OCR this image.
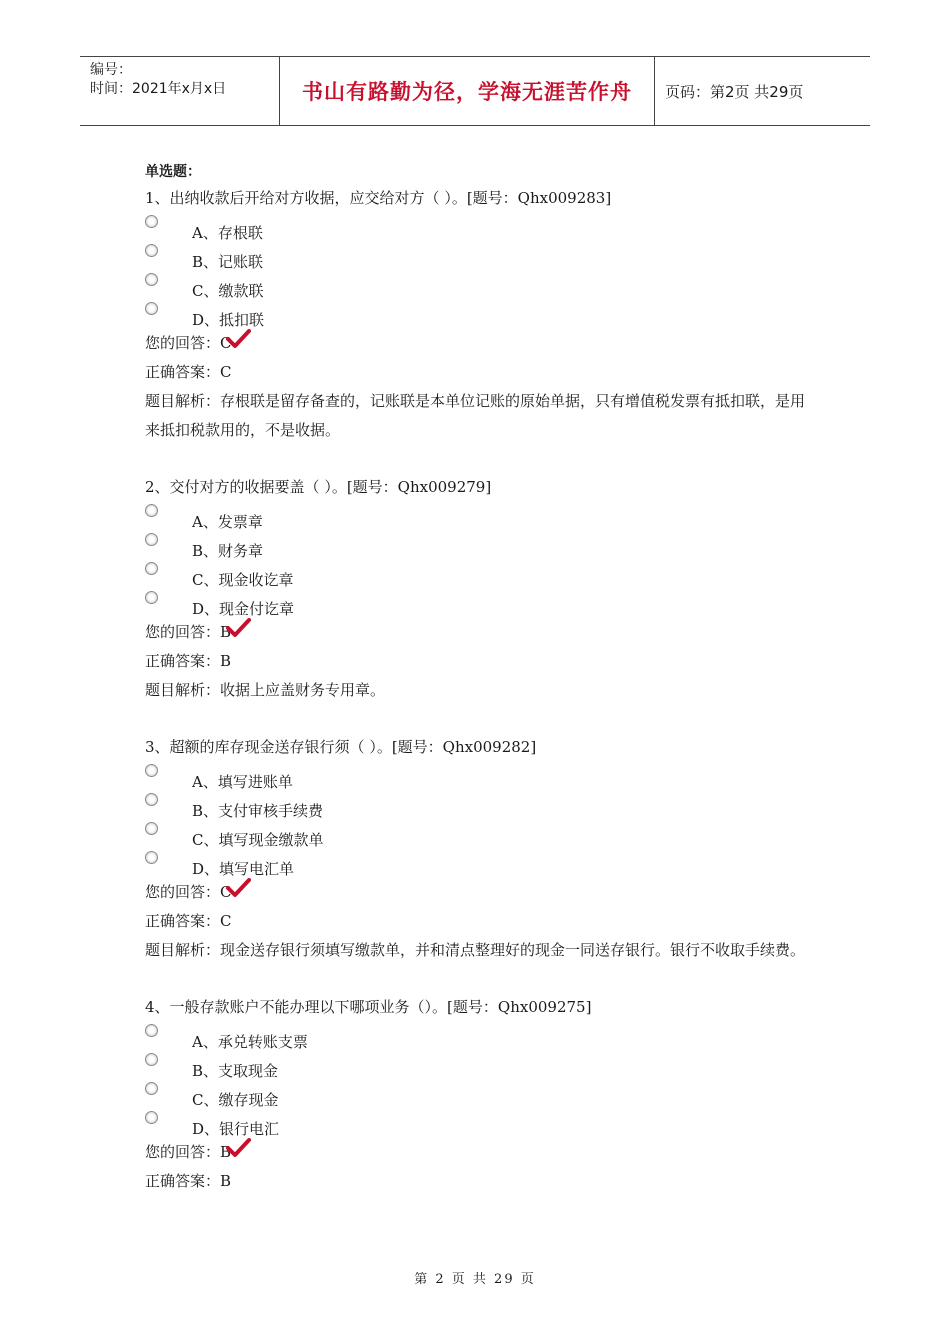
编号：
时间：2021年x月x日	书山有路勤为径，学海无涯苦作舟	页码：第2页 共29页
单选题：
1、出纳收款后开给对方收据，应交给对方（ ）。[题号：Qhx009283]
A、存根联
B、记账联
C、缴款联
D、抵扣联
您的回答：C
正确答案：C
题目解析：存根联是留存备查的，记账联是本单位记账的原始单据，只有增值税发票有抵扣联，是用来抵扣税款用的，不是收据。
2、交付对方的收据要盖（ ）。[题号：Qhx009279]
A、发票章
B、财务章
C、现金收讫章
D、现金付讫章
您的回答：B
正确答案：B
题目解析：收据上应盖财务专用章。
3、超额的库存现金送存银行须（ ）。[题号：Qhx009282]
A、填写进账单
B、支付审核手续费
C、填写现金缴款单
D、填写电汇单
您的回答：C
正确答案：C
题目解析：现金送存银行须填写缴款单，并和清点整理好的现金一同送存银行。银行不收取手续费。
4、一般存款账户不能办理以下哪项业务（）。[题号：Qhx009275]
A、承兑转账支票
B、支取现金
C、缴存现金
D、银行电汇
您的回答：B
正确答案：B
第 2 页 共 29 页
